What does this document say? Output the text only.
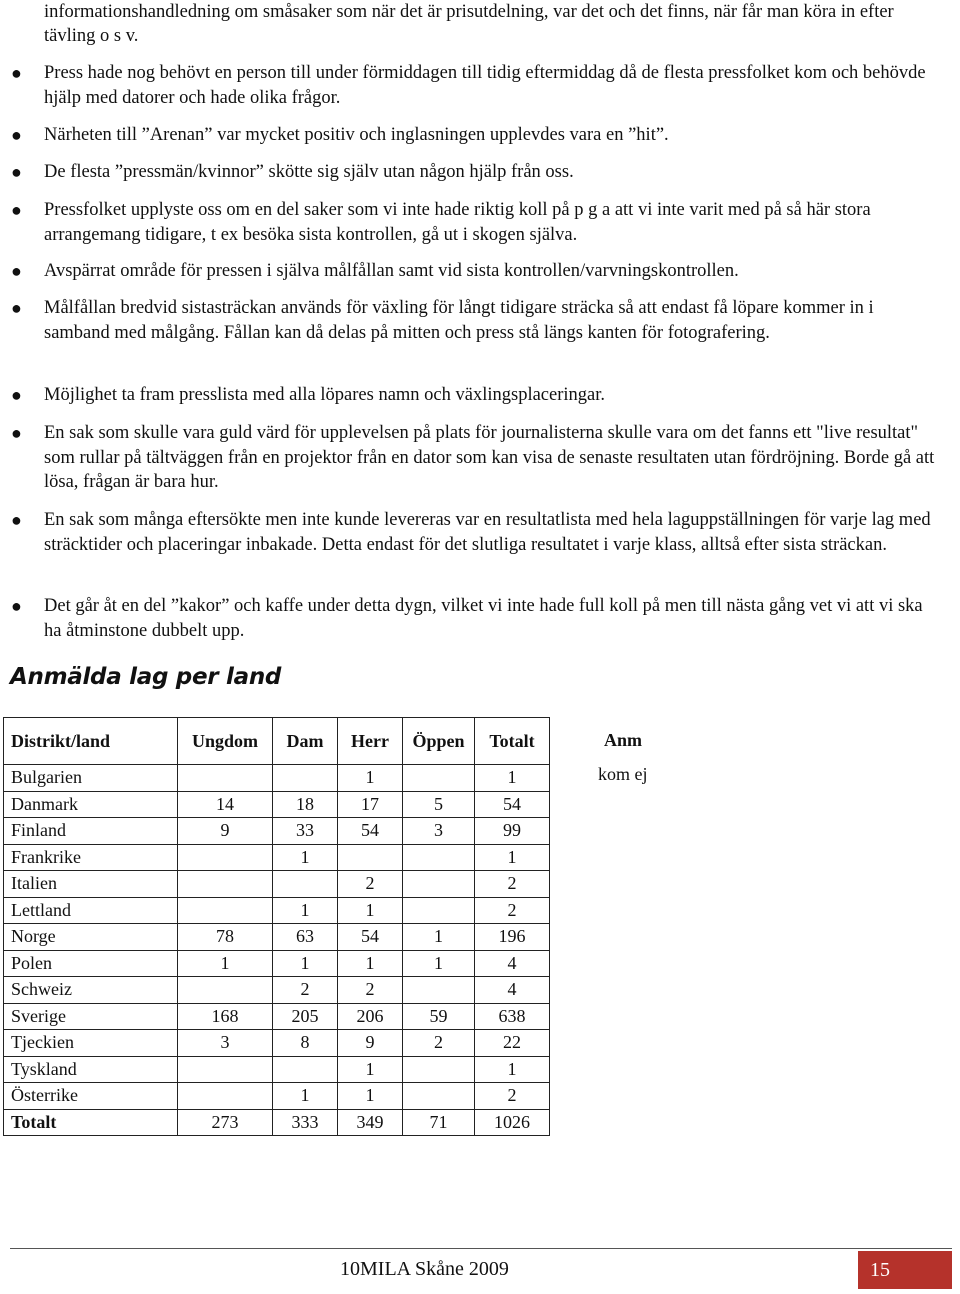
informationshandledning om småsaker som när det är prisutdelning, var det och det finns, när får man köra in efter tävling o s v.
● Press hade nog behövt en person till under förmiddagen till tidig eftermiddag då de flesta pressfolket kom och behövde hjälp med datorer och hade olika frågor.
● Närheten till ”Arenan” var mycket positiv och inglasningen upplevdes vara en ”hit”.
● De flesta ”pressmän/kvinnor” skötte sig själv utan någon hjälp från oss.
● Pressfolket upplyste oss om en del saker som vi inte hade riktig koll på p g a att vi inte varit med på så här stora arrangemang tidigare, t ex besöka sista kontrollen, gå ut i skogen själva.
● Avspärrat område för pressen i själva målfållan samt vid sista kontrollen/varvningskontrollen.
● Målfållan bredvid sistasträckan används för växling för långt tidigare sträcka så att endast få löpare kommer in i samband med målgång. Fållan kan då delas på mitten och press stå längs kanten för fotografering.
● Möjlighet ta fram presslista med alla löpares namn och växlingsplaceringar.
● En sak som skulle vara guld värd för upplevelsen på plats för journalisterna skulle vara om det fanns ett "live resultat" som rullar på tältväggen från en projektor från en dator som kan visa de senaste resultaten utan fördröjning. Borde gå att lösa, frågan är bara hur.
● En sak som många eftersökte men inte kunde levereras var en resultatlista med hela laguppställningen för varje lag med sträcktider och placeringar inbakade. Detta endast för det slutliga resultatet i varje klass, alltså efter sista sträckan.
● Det går åt en del ”kakor” och kaffe under detta dygn, vilket vi inte hade full koll på men till nästa gång vet vi att vi ska ha åtminstone dubbelt upp.
Anmälda lag per land
Distrikt/land	Ungdom	Dam	Herr	Öppen	Totalt
Bulgarien			1		1
Danmark	14	18	17	5	54
Finland	9	33	54	3	99
Frankrike		1			1
Italien			2		2
Lettland		1	1		2
Norge	78	63	54	1	196
Polen	1	1	1	1	4
Schweiz		2	2		4
Sverige	168	205	206	59	638
Tjeckien	3	8	9	2	22
Tyskland			1		1
Österrike		1	1		2
Totalt	273	333	349	71	1026
Anm
kom ej
10MILA Skåne 2009	15
